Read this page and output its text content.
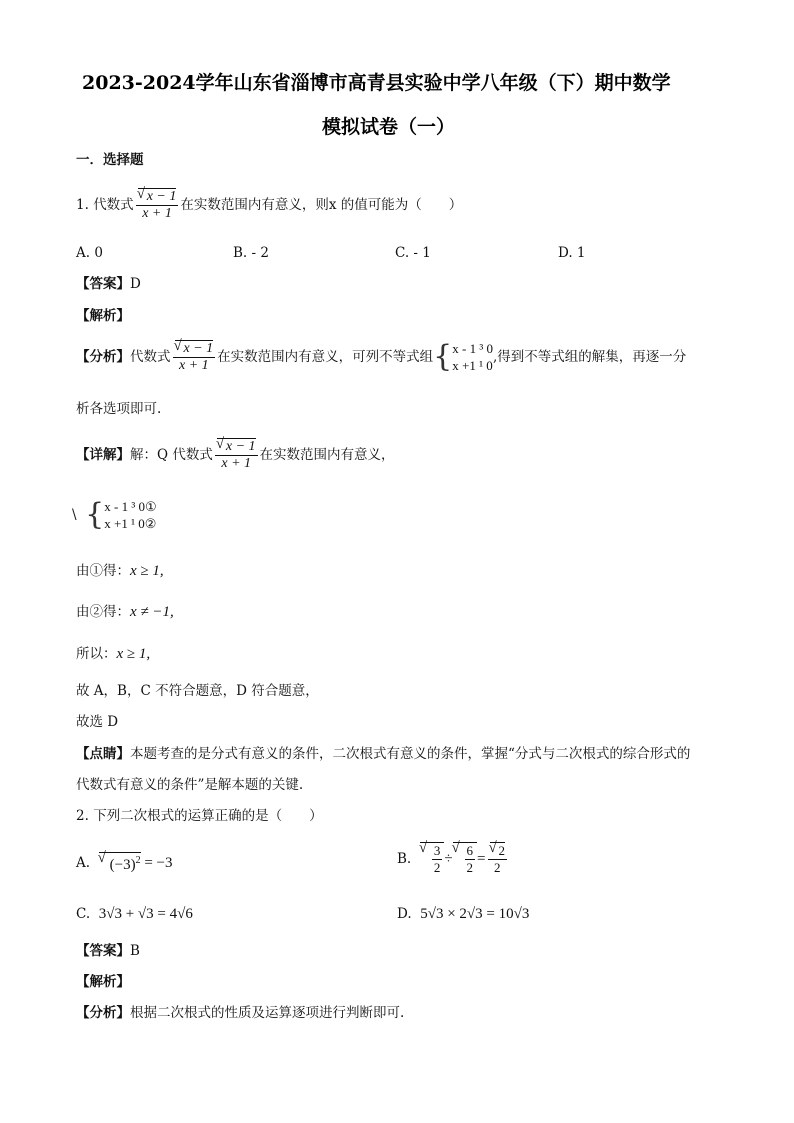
2023-2024学年山东省淄博市高青县实验中学八年级（下）期中数学
模拟试卷（一）
一．选择题
1.
代数式 √ $\frac{x - 1}{x + 1}$ 在实数范围内有意义，则x 的值可能为（　　）
A. 0	B. - 2	C. - 1	D. 1
【答案】D
【解析】
【分析】 代数式 √ $\frac{x - 1}{x + 1}$ 在实数范围内有意义，可列不等式组 { x - 1 ³ 0
x +1 ¹ 0
,得到不等式组的解集，再逐一分
析各选项即可.
【详解】 解：Q 代数式 √ $\frac{x - 1}{x + 1}$ 在实数范围内有意义，
\
{ x - 1 ³ 0①
x +1 ¹ 0②
由①得：x ≥ 1,
由②得：x ≠ −1,
所以：x ≥ 1,
故 A，B，C 不符合题意，D 符合题意，
故选 D
【点睛】本题考查的是分式有意义的条件，二次根式有意义的条件，掌握“分式与二次根式的综合形式的
代数式有意义的条件”是解本题的关键.
2. 下列二次根式的运算正确的是（　　）
A.
	√ $(-3)^2$
= −3	B.
√ $\frac{3}{2}$ ÷ √ $\frac{6}{2}$ = √ $\frac{2}{2}$
C. 3√3 + √3 = 4√6	D. 5√3 × 2√3 = 10√3
【答案】B
【解析】
【分析】根据二次根式的性质及运算逐项进行判断即可.
